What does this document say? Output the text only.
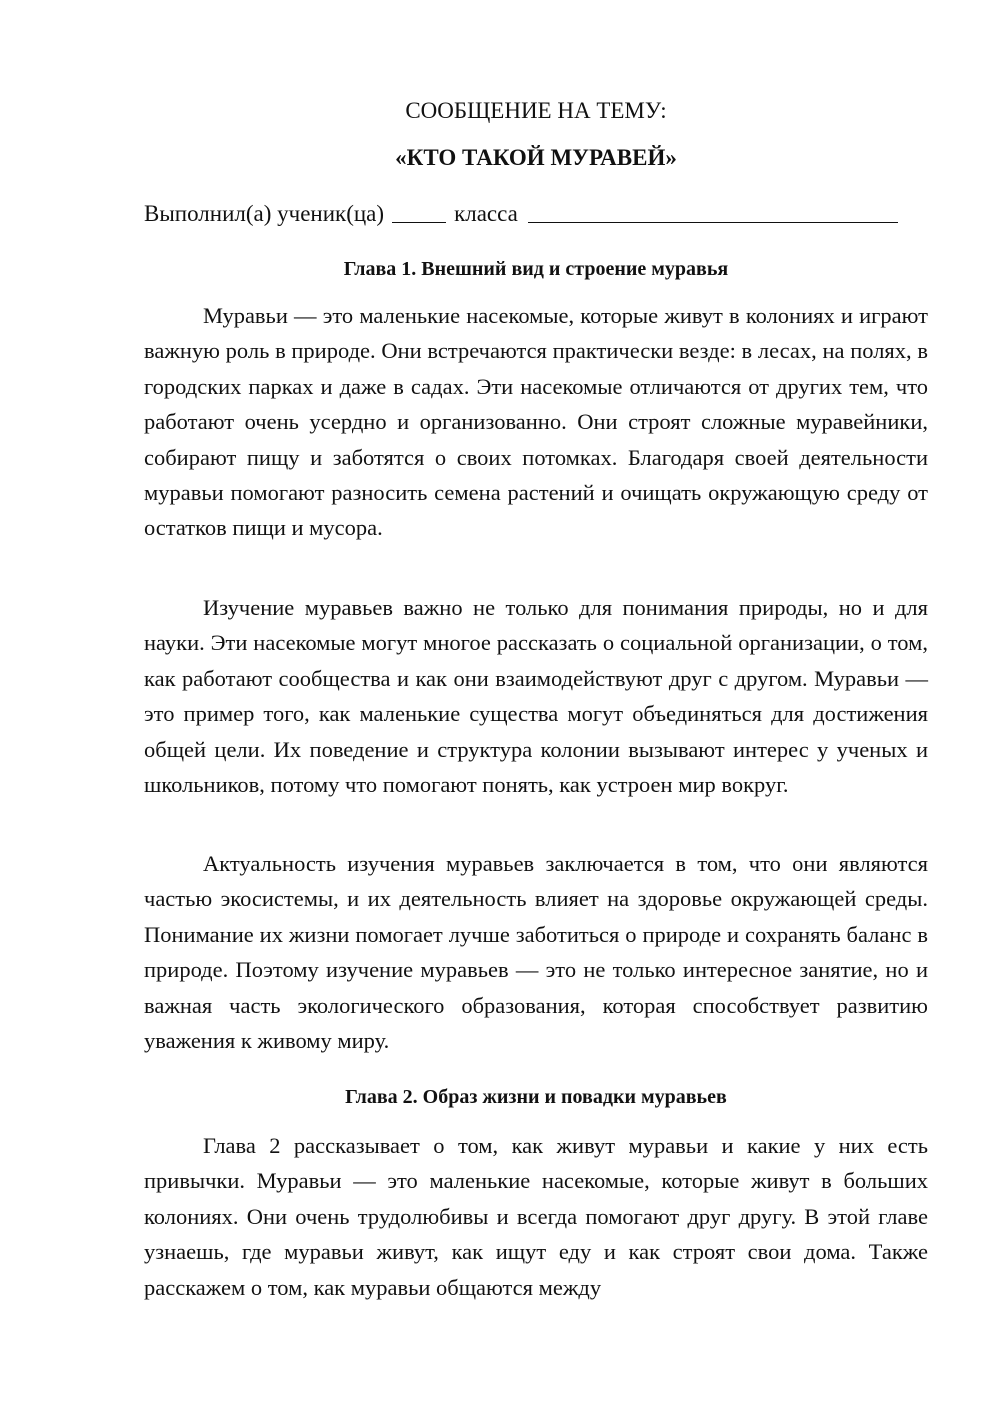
СООБЩЕНИЕ НА ТЕМУ:
«КТО ТАКОЙ МУРАВЕЙ»
Выполнил(а) ученик(ца)	класса
Глава 1. Внешний вид и строение муравья

Муравьи — это маленькие насекомые, которые живут в колониях и играют важную роль в природе. Они встречаются практически везде: в лесах, на полях, в городских парках и даже в садах. Эти насекомые отличаются от других тем, что работают очень усердно и организованно. Они строят сложные муравейники, собирают пищу и заботятся о своих потомках. Благодаря своей деятельности муравьи помогают разносить семена растений и очищать окружающую среду от остатков пищи и мусора.

Изучение муравьев важно не только для понимания природы, но и для науки. Эти насекомые могут многое рассказать о социальной организации, о том, как работают сообщества и как они взаимодействуют друг с другом. Муравьи — это пример того, как маленькие существа могут объединяться для достижения общей цели. Их поведение и структура колонии вызывают интерес у ученых и школьников, потому что помогают понять, как устроен мир вокруг.

Актуальность изучения муравьев заключается в том, что они являются частью экосистемы, и их деятельность влияет на здоровье окружающей среды. Понимание их жизни помогает лучше заботиться о природе и сохранять баланс в природе. Поэтому изучение муравьев — это не только интересное занятие, но и важная часть экологического образования, которая способствует развитию уважения к живому миру.

Глава 2. Образ жизни и повадки муравьев

Глава 2 рассказывает о том, как живут муравьи и какие у них есть привычки. Муравьи — это маленькие насекомые, которые живут в больших колониях. Они очень трудолюбивы и всегда помогают друг другу. В этой главе узнаешь, где муравьи живут, как ищут еду и как строят свои дома. Также расскажем о том, как муравьи общаются между
